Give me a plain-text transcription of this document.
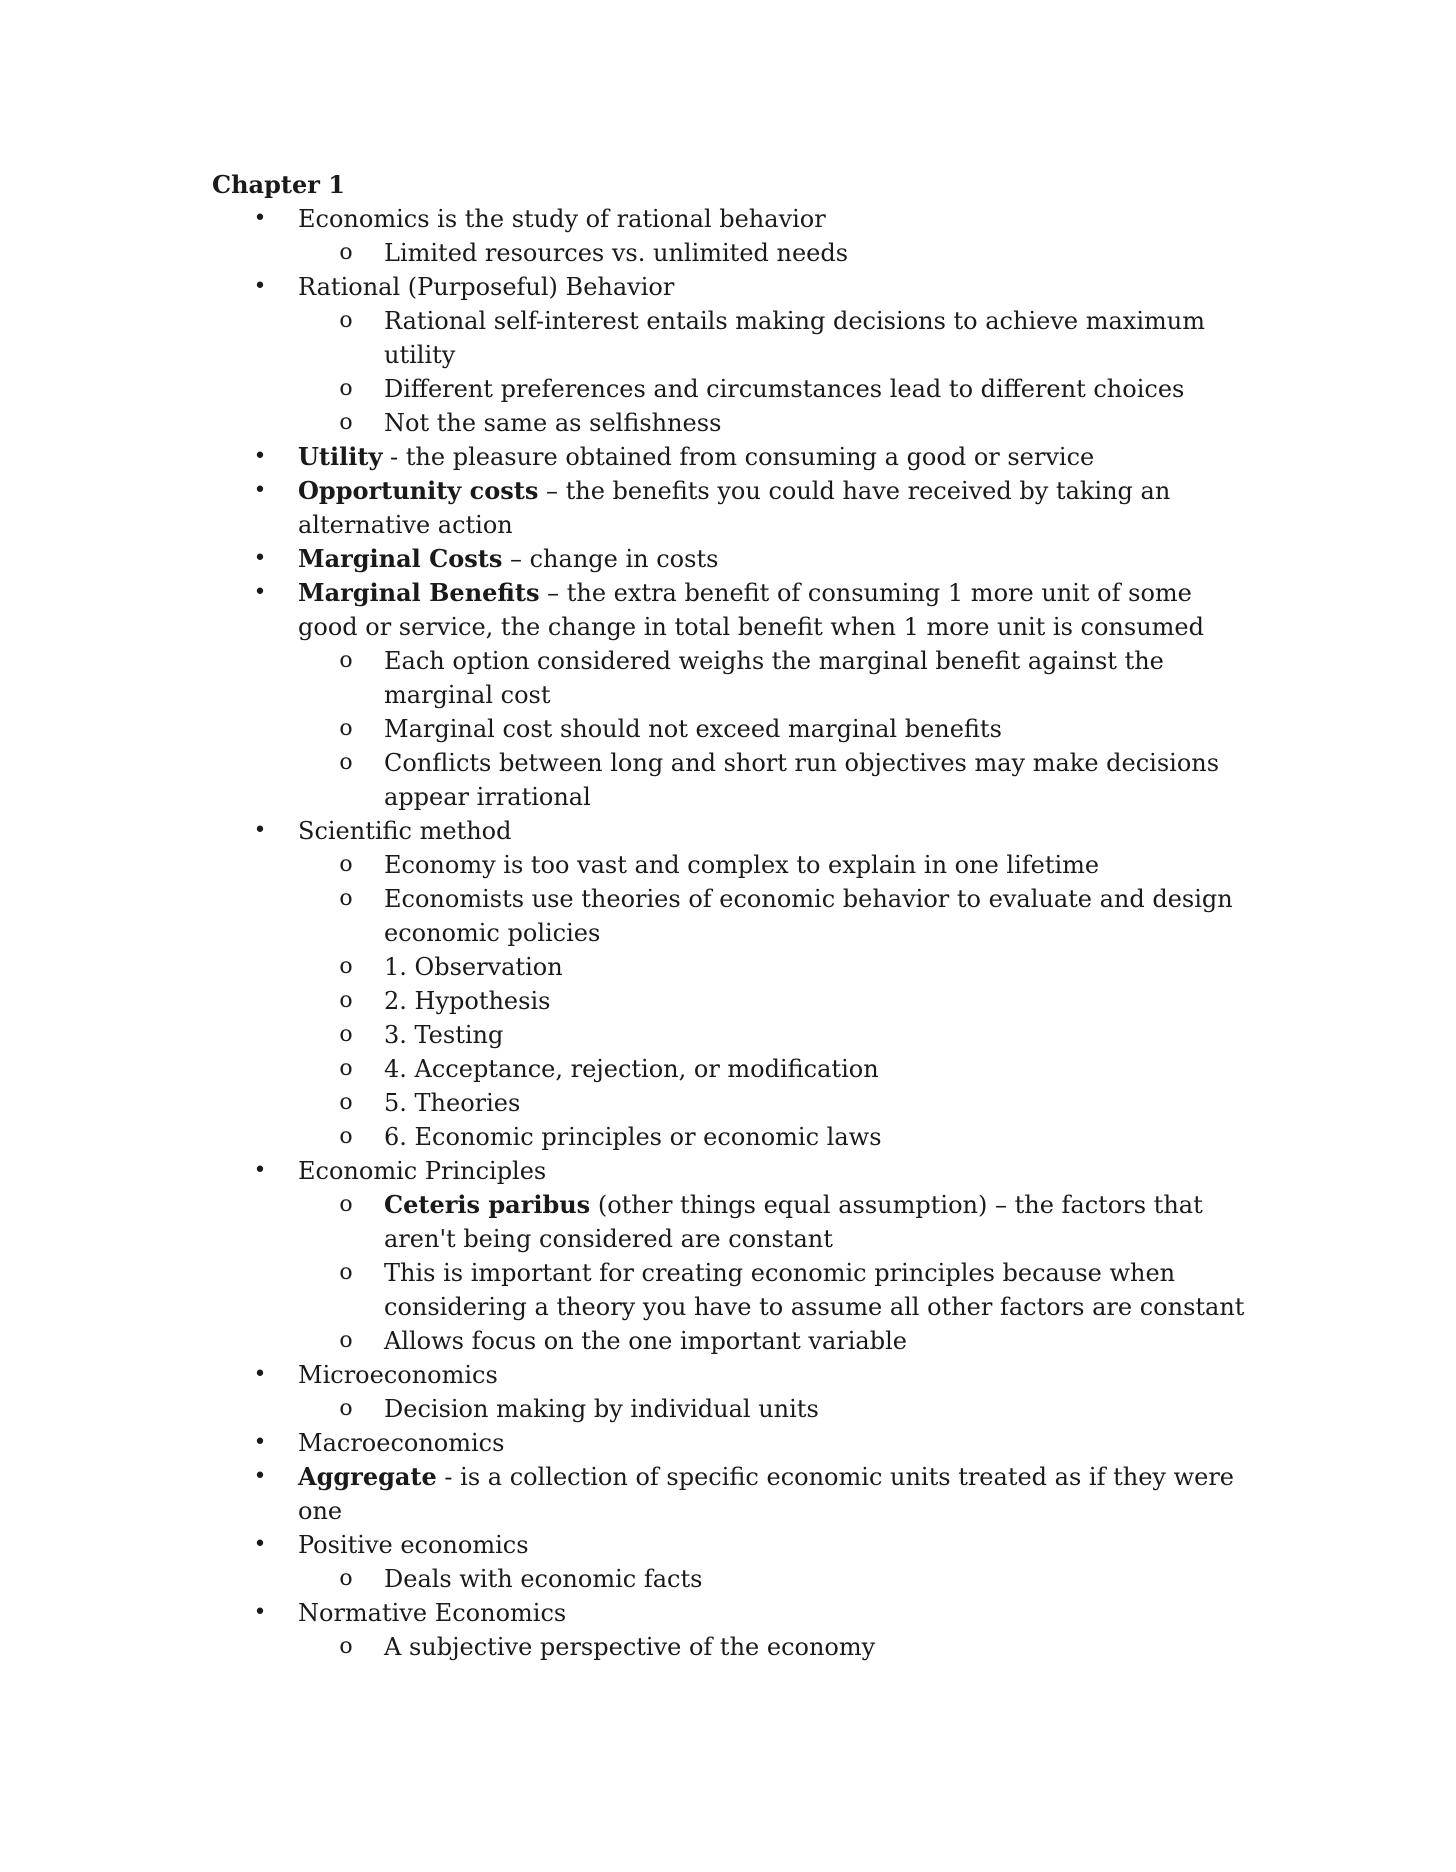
Chapter 1
• Economics is the study of rational behavior
o Limited resources vs. unlimited needs
• Rational (Purposeful) Behavior
o Rational self-interest entails making decisions to achieve maximum utility
o Different preferences and circumstances lead to different choices
o Not the same as selfishness
• Utility - the pleasure obtained from consuming a good or service
• Opportunity costs – the benefits you could have received by taking an alternative action
• Marginal Costs – change in costs
• Marginal Benefits – the extra benefit of consuming 1 more unit of some good or service, the change in total benefit when 1 more unit is consumed
o Each option considered weighs the marginal benefit against the marginal cost
o Marginal cost should not exceed marginal benefits
o Conflicts between long and short run objectives may make decisions appear irrational
• Scientific method
o Economy is too vast and complex to explain in one lifetime
o Economists use theories of economic behavior to evaluate and design economic policies
o 1. Observation
o 2. Hypothesis
o 3. Testing
o 4. Acceptance, rejection, or modification
o 5. Theories
o 6. Economic principles or economic laws
• Economic Principles
o Ceteris paribus (other things equal assumption) – the factors that aren't being considered are constant
o This is important for creating economic principles because when considering a theory you have to assume all other factors are constant
o Allows focus on the one important variable
• Microeconomics
o Decision making by individual units
• Macroeconomics
• Aggregate - is a collection of specific economic units treated as if they were one
• Positive economics
o Deals with economic facts
• Normative Economics
o A subjective perspective of the economy
